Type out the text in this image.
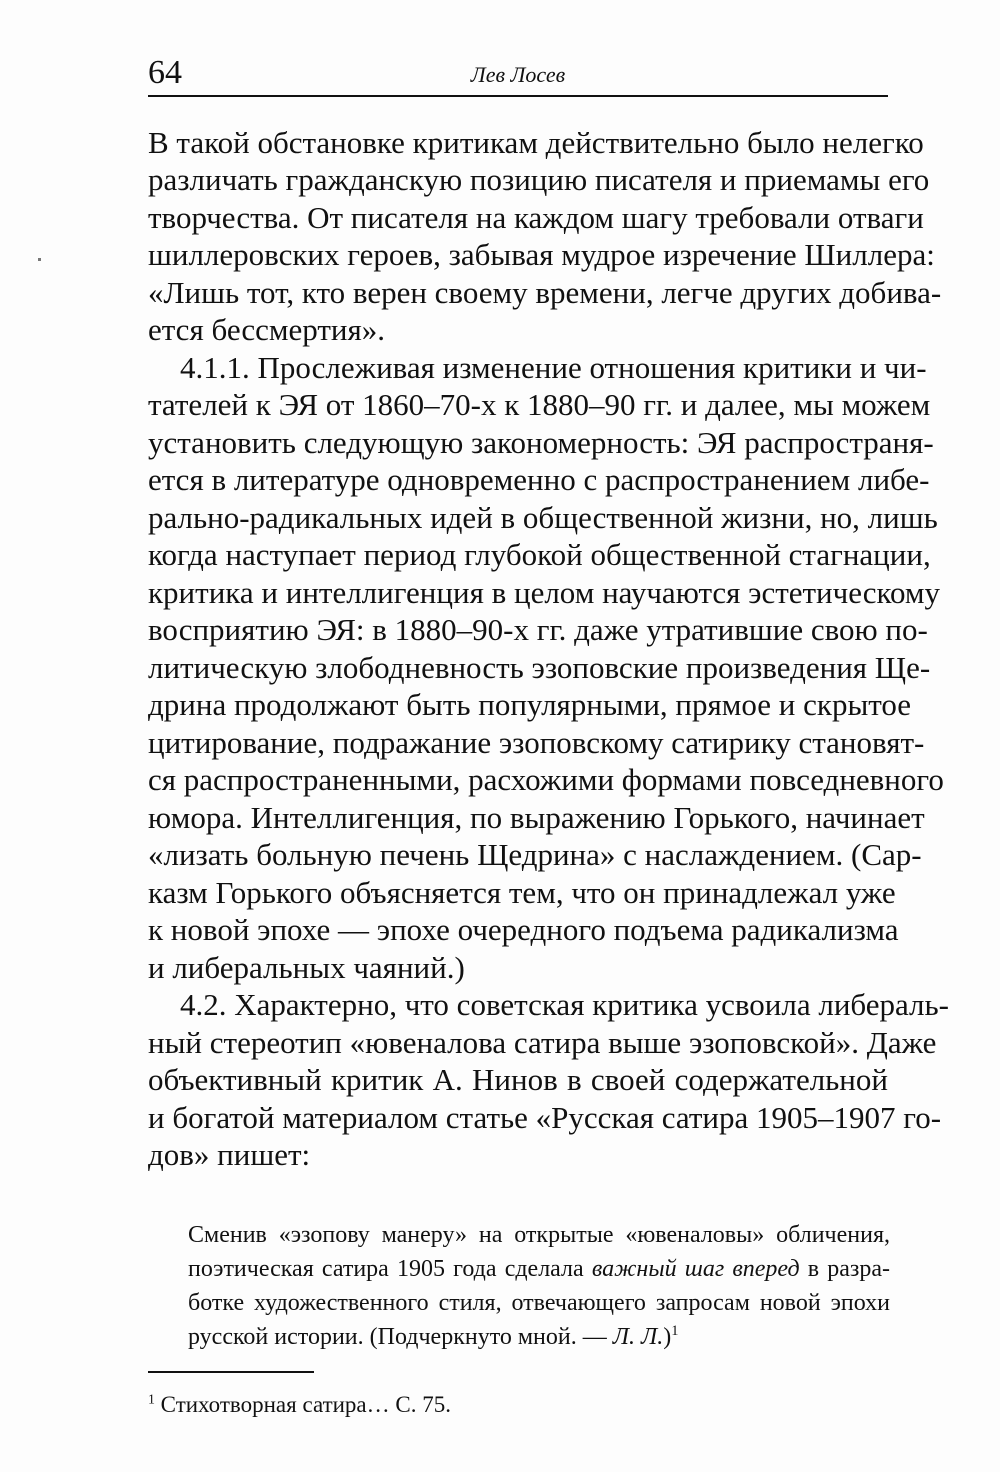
64	Лев Лосев
В такой обстановке критикам действительно было нелегко
различать гражданскую позицию писателя и приемамы его
творчества. От писателя на каждом шагу требовали отваги
шиллеровских героев, забывая мудрое изречение Шиллера:
«Лишь тот, кто верен своему времени, легче других добива-
ется бессмертия».
4.1.1. Прослеживая изменение отношения критики и чи-
тателей к ЭЯ от 1860–70-х к 1880–90 гг. и далее, мы можем
установить следующую закономерность: ЭЯ распространя-
ется в литературе одновременно с распространением либе-
рально-радикальных идей в общественной жизни, но, лишь
когда наступает период глубокой общественной стагнации,
критика и интеллигенция в целом научаются эстетическому
восприятию ЭЯ: в 1880–90-х гг. даже утратившие свою по-
литическую злободневность эзоповские произведения Ще-
дрина продолжают быть популярными, прямое и скрытое
цитирование, подражание эзоповскому сатирику становят-
ся распространенными, расхожими формами повседневного
юмора. Интеллигенция, по выражению Горького, начинает
«лизать больную печень Щедрина» с наслаждением. (Сар-
казм Горького объясняется тем, что он принадлежал уже
к новой эпохе — эпохе очередного подъема радикализма
и либеральных чаяний.)
4.2. Характерно, что советская критика усвоила либераль-
ный стереотип «ювеналова сатира выше эзоповской». Даже
объективный критик А. Нинов в своей содержательной
и богатой материалом статье «Русская сатира 1905–1907 го-
дов» пишет:
Сменив «эзопову манеру» на открытые «ювеналовы» обличения,
поэтическая сатира 1905 года сделала важный шаг вперед в разра-
ботке художественного стиля, отвечающего запросам новой эпохи
русской истории. (Подчеркнуто мной. — Л. Л.)$^1$
$^1$ Стихотворная сатира… С. 75.
